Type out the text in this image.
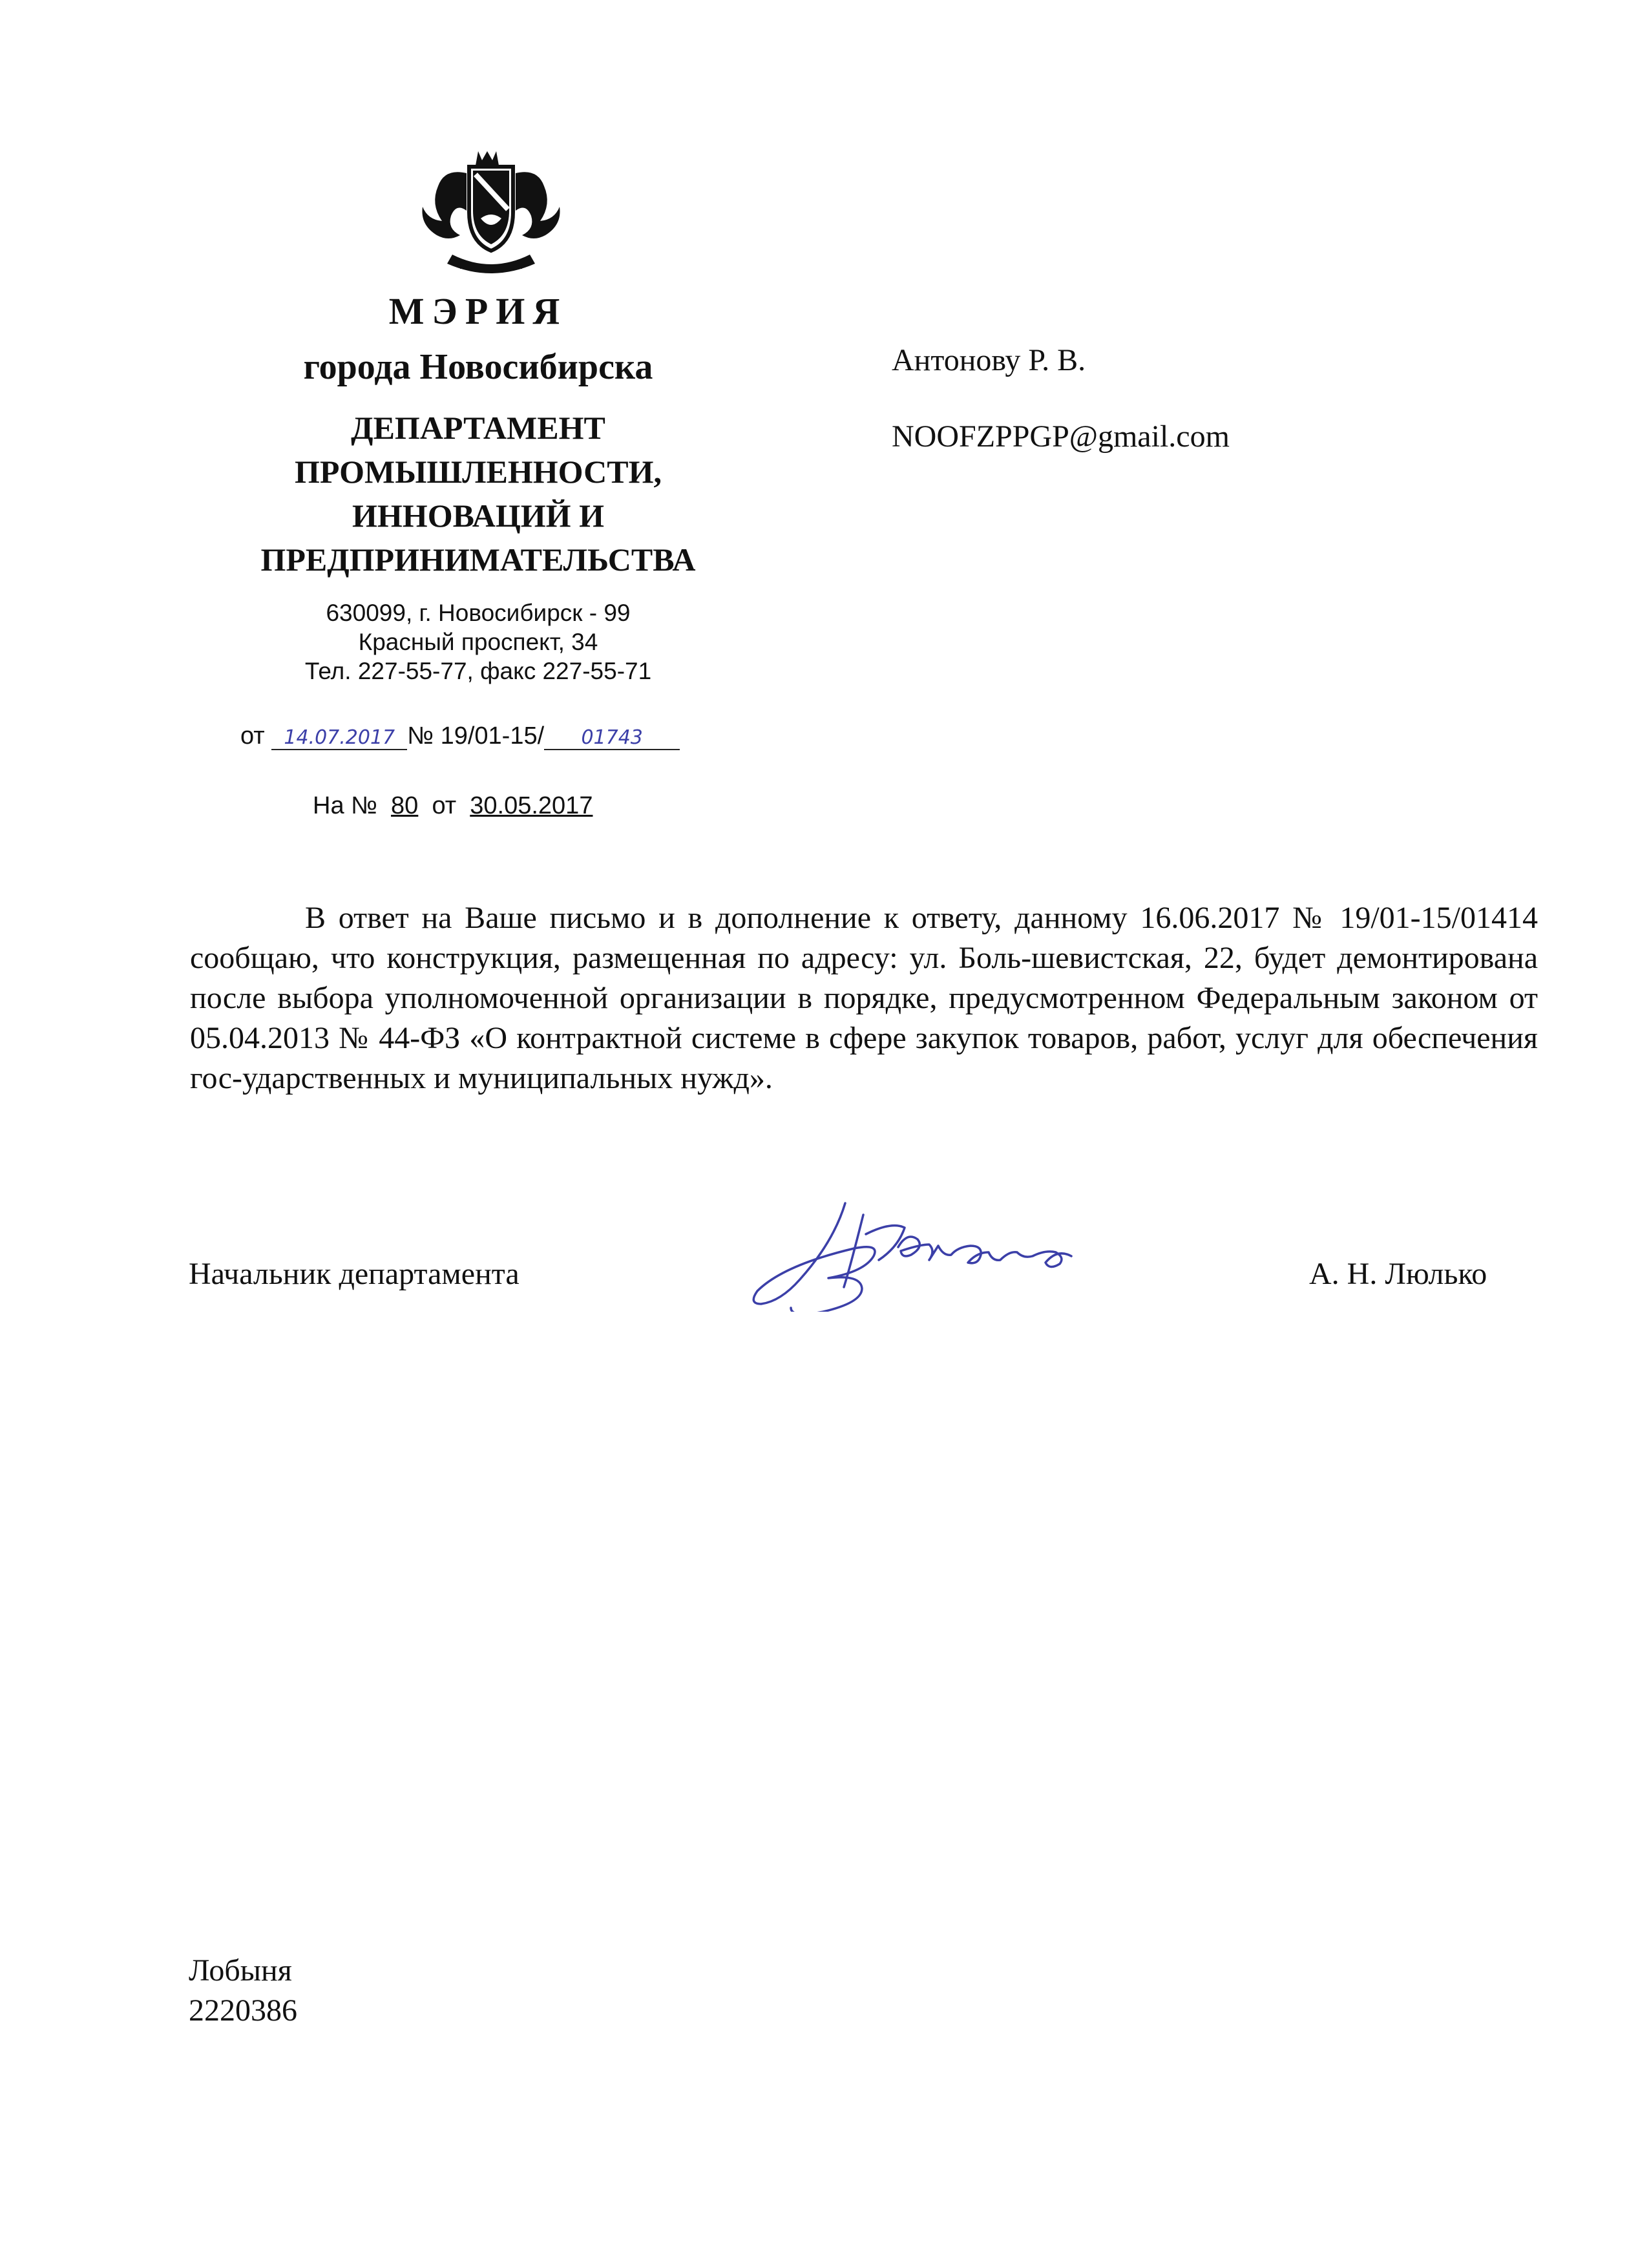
МЭРИЯ
города Новосибирска
ДЕПАРТАМЕНТ
ПРОМЫШЛЕННОСТИ,
ИННОВАЦИЙ И
ПРЕДПРИНИМАТЕЛЬСТВА
630099, г. Новосибирск - 99
Красный проспект, 34
Тел. 227-55-77, факс 227-55-71
от 14.07.2017 № 19/01-15/ 01743
На № 80 от 30.05.2017
Антонову Р. В.
NOOFZPPGP@gmail.com
В ответ на Ваше письмо и в дополнение к ответу, данному 16.06.2017 № 19/01-15/01414 сообщаю, что конструкция, размещенная по адресу: ул. Боль-шевистская, 22, будет демонтирована после выбора уполномоченной организации в порядке, предусмотренном Федеральным законом от 05.04.2013 № 44-ФЗ «О контрактной системе в сфере закупок товаров, работ, услуг для обеспечения гос-ударственных и муниципальных нужд».
Начальник департамента	А. Н. Люлько
Лобыня
2220386
